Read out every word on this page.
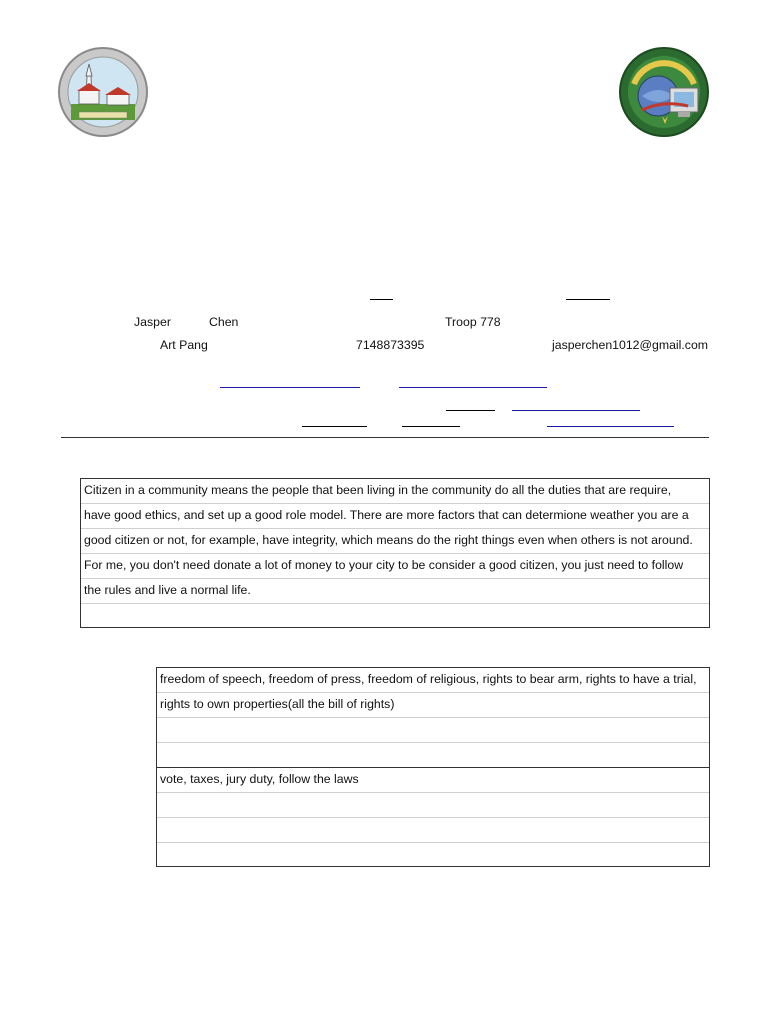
Jasper	Chen	Troop 778
Art Pang	7148873395	jasperchen1012@gmail.com
Citizen in a community means the people that been living in the community do all the duties that are require,
have good ethics, and set up a good role model. There are more factors that can determione weather you are a
good citizen or not, for example, have integrity, which means do the right things even when others is not around.
For me, you don't need donate a lot of money to your city to be consider a good citizen, you just need to follow
the rules and live a normal life.
freedom of speech, freedom of press, freedom of religious, rights to bear arm, rights to have a trial,
rights to own properties(all the bill of rights)
vote, taxes, jury duty, follow the laws
